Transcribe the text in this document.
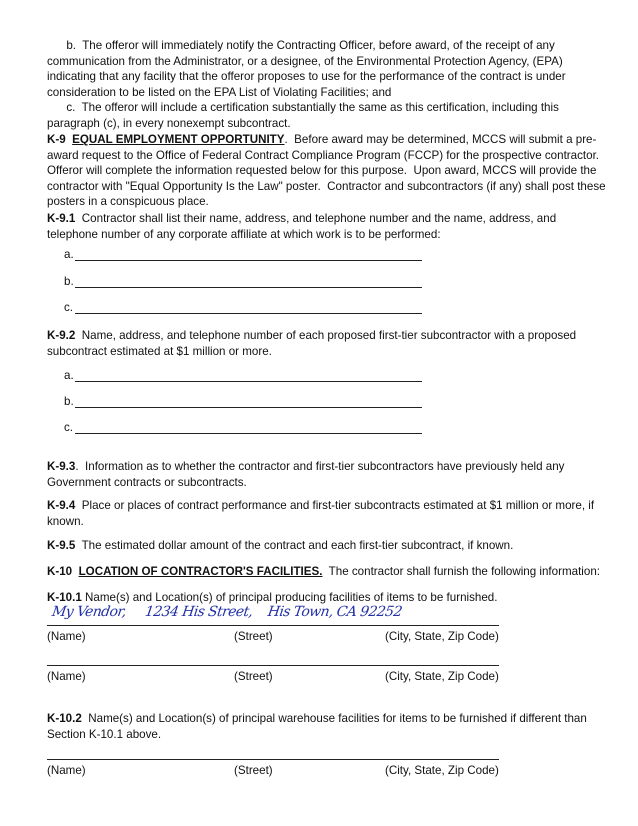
b.  The offeror will immediately notify the Contracting Officer, before award, of the receipt of any
communication from the Administrator, or a designee, of the Environmental Protection Agency, (EPA)
indicating that any facility that the offeror proposes to use for the performance of the contract is under
consideration to be listed on the EPA List of Violating Facilities; and
c.  The offeror will include a certification substantially the same as this certification, including this
paragraph (c), in every nonexempt subcontract.
K-9 EQUAL EMPLOYMENT OPPORTUNITY.  Before award may be determined, MCCS will submit a pre-
award request to the Office of Federal Contract Compliance Program (FCCP) for the prospective contractor.
Offeror will complete the information requested below for this purpose.  Upon award, MCCS will provide the
contractor with "Equal Opportunity Is the Law" poster.  Contractor and subcontractors (if any) shall post these
posters in a conspicuous place.
K-9.1  Contractor shall list their name, address, and telephone number and the name, address, and
telephone number of any corporate affiliate at which work is to be performed:
a.
b.
c.
K-9.2  Name, address, and telephone number of each proposed first-tier subcontractor with a proposed
subcontract estimated at $1 million or more.
a.
b.
c.
K-9.3.  Information as to whether the contractor and first-tier subcontractors have previously held any
Government contracts or subcontracts.
K-9.4  Place or places of contract performance and first-tier subcontracts estimated at $1 million or more, if
known.
K-9.5  The estimated dollar amount of the contract and each first-tier subcontract, if known.
K-10 LOCATION OF CONTRACTOR'S FACILITIES.  The contractor shall furnish the following information:
K-10.1 Name(s) and Location(s) of principal producing facilities of items to be furnished.
My Vendor,     1234 His Street,    His Town, CA 92252
(Name)	(Street)	(City, State, Zip Code)
(Name)	(Street)	(City, State, Zip Code)
K-10.2  Name(s) and Location(s) of principal warehouse facilities for items to be furnished if different than
Section K-10.1 above.
(Name)	(Street)	(City, State, Zip Code)
